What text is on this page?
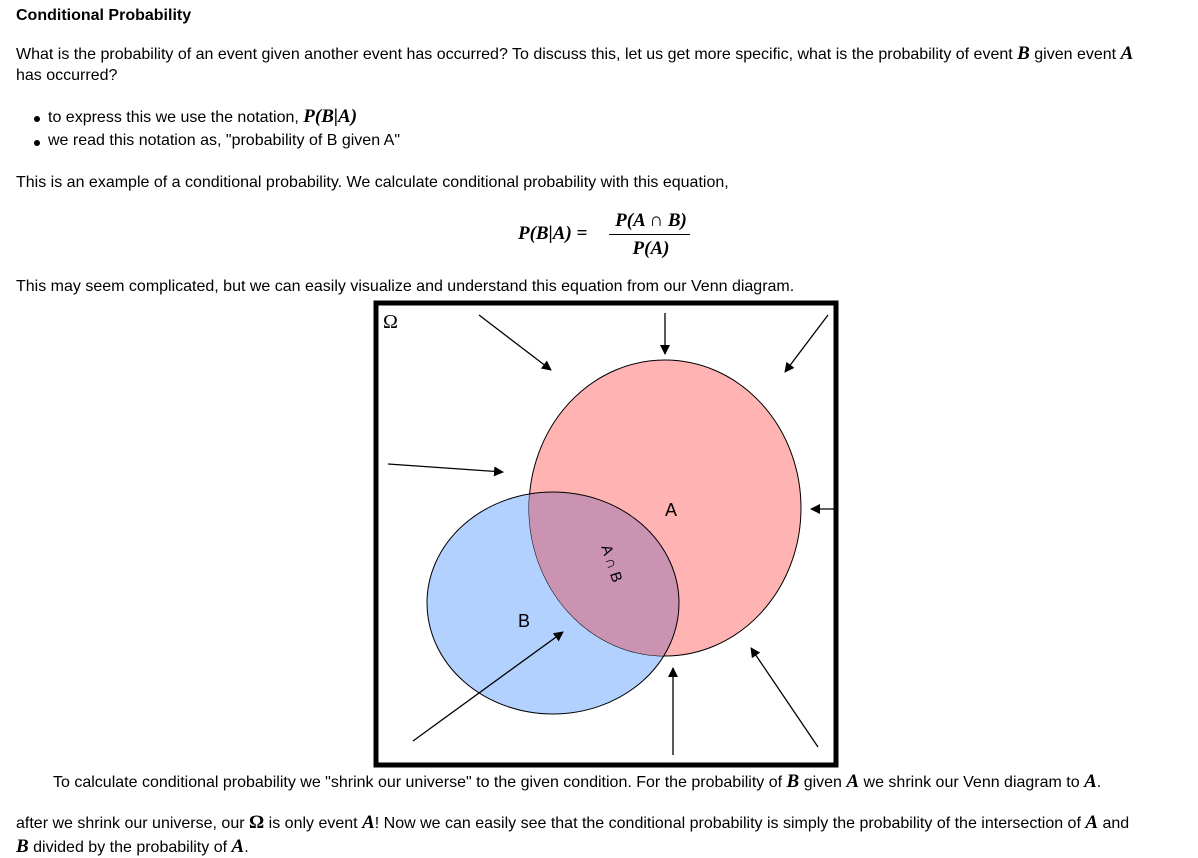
Conditional Probability
What is the probability of an event given another event has occurred? To discuss this, let us get more specific, what is the probability of event B given event A
has occurred?
to express this we use the notation, P(B|A)
we read this notation as, "probability of B given A"
This is an example of a conditional probability. We calculate conditional probability with this equation,
P(B|A) =
P(A ∩ B)
P(A)
This may seem complicated, but we can easily visualize and understand this equation from our Venn diagram.
Ω
A
B
A ∩ B
To calculate conditional probability we "shrink our universe" to the given condition. For the probability of B given A we shrink our Venn diagram to A.
after we shrink our universe, our Ω is only event A! Now we can easily see that the conditional probability is simply the probability of the intersection of A and
B divided by the probability of A.
